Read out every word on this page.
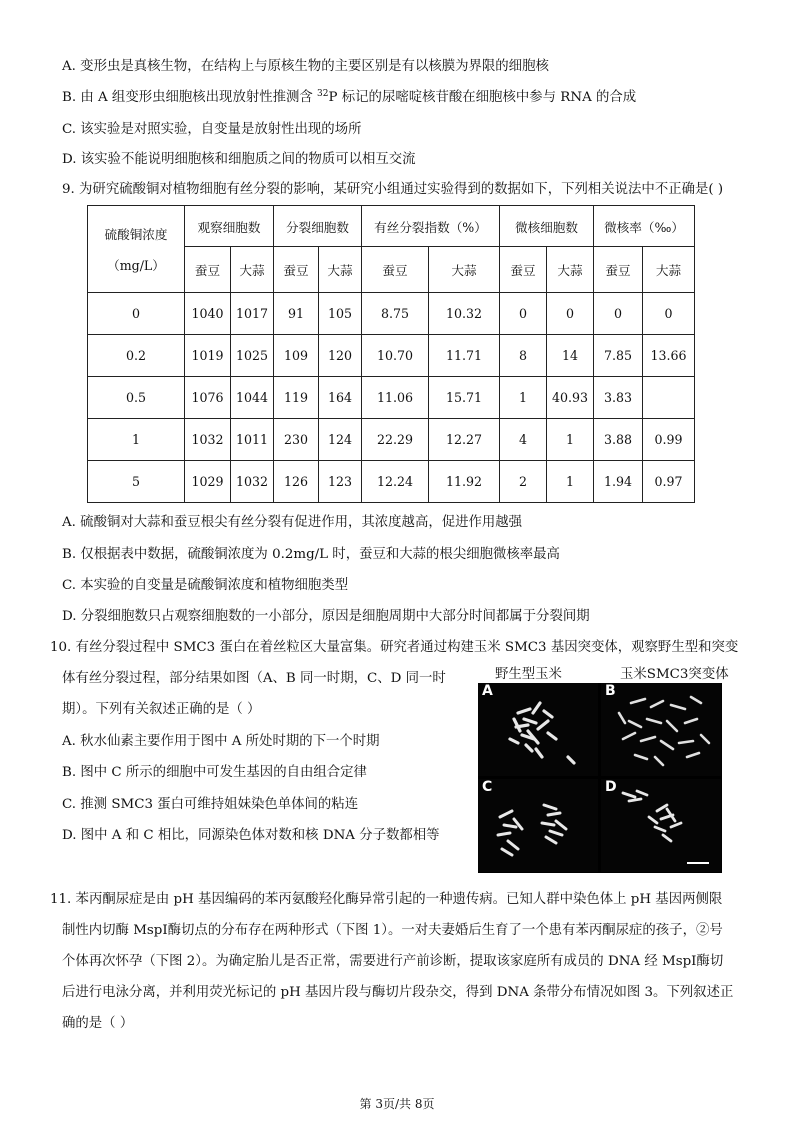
A. 变形虫是真核生物，在结构上与原核生物的主要区别是有以核膜为界限的细胞核
B. 由 A 组变形虫细胞核出现放射性推测含 $^{32}$P 标记的尿嘧啶核苷酸在细胞核中参与 RNA 的合成
C. 该实验是对照实验，自变量是放射性出现的场所
D. 该实验不能说明细胞核和细胞质之间的物质可以相互交流
9. 为研究硫酸铜对植物细胞有丝分裂的影响，某研究小组通过实验得到的数据如下，下列相关说法中不正确是( )
硫酸铜浓度
（mg/L）	观察细胞数		分裂细胞数		有丝分裂指数（%）		微核细胞数		微核率（‰）	
	蚕豆	大蒜	蚕豆	大蒜	蚕豆	大蒜	蚕豆	大蒜	蚕豆	大蒜
0	1040	1017	91	105	8.75	10.32	0	0	0	0
0.2	1019	1025	109	120	10.70	11.71	8	14	7.85	13.66
0.5	1076	1044	119	164	11.06	15.71	1	40.93	3.83	
1	1032	1011	230	124	22.29	12.27	4	1	3.88	0.99
5	1029	1032	126	123	12.24	11.92	2	1	1.94	0.97
A. 硫酸铜对大蒜和蚕豆根尖有丝分裂有促进作用，其浓度越高，促进作用越强
B. 仅根据表中数据，硫酸铜浓度为 0.2mg/L 时，蚕豆和大蒜的根尖细胞微核率最高
C. 本实验的自变量是硫酸铜浓度和植物细胞类型
D. 分裂细胞数只占观察细胞数的一小部分，原因是细胞周期中大部分时间都属于分裂间期
10. 有丝分裂过程中 SMC3 蛋白在着丝粒区大量富集。研究者通过构建玉米 SMC3 基因突变体，观察野生型和突变
体有丝分裂过程，部分结果如图（A、B 同一时期，C、D 同一时
期）。下列有关叙述正确的是（ ）
A. 秋水仙素主要作用于图中 A 所处时期的下一个时期
B. 图中 C 所示的细胞中可发生基因的自由组合定律
C. 推测 SMC3 蛋白可维持姐妹染色单体间的粘连
D. 图中 A 和 C 相比，同源染色体对数和核 DNA 分子数都相等
野生型玉米	玉米SMC3突变体
A	B
C	D
11. 苯丙酮尿症是由 pH 基因编码的苯丙氨酸羟化酶异常引起的一种遗传病。已知人群中染色体上 pH 基因两侧限
制性内切酶 MspⅠ酶切点的分布存在两种形式（下图 1）。一对夫妻婚后生育了一个患有苯丙酮尿症的孩子，②号
个体再次怀孕（下图 2）。为确定胎儿是否正常，需要进行产前诊断，提取该家庭所有成员的 DNA 经 MspⅠ酶切
后进行电泳分离，并利用荧光标记的 pH 基因片段与酶切片段杂交，得到 DNA 条带分布情况如图 3。下列叙述正
确的是（ ）
第 3页/共 8页
